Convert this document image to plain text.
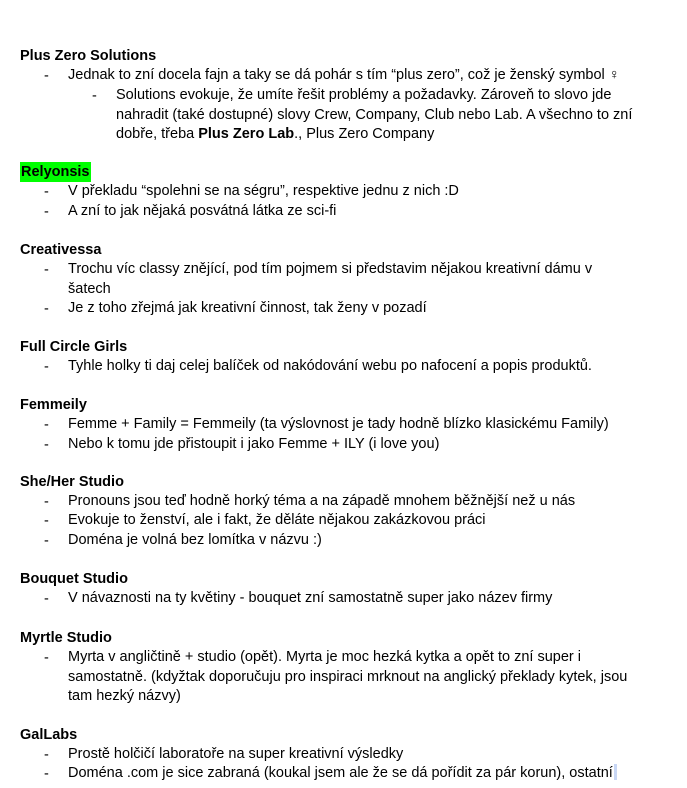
Plus Zero Solutions
- Jednak to zní docela fajn a taky se dá pohár s tím “plus zero”, což je ženský symbol ♀
- Solutions evokuje, že umíte řešit problémy a požadavky. Zároveň to slovo jde nahradit (také dostupné) slovy Crew, Company, Club nebo Lab. A všechno to zní dobře, třeba Plus Zero Lab., Plus Zero Company
Relyonsis
- V překladu “spolehni se na ségru”, respektive jednu z nich :D
- A zní to jak nějaká posvátná látka ze sci-fi
Creativessa
- Trochu víc classy znějící, pod tím pojmem si představim nějakou kreativní dámu v šatech
- Je z toho zřejmá jak kreativní činnost, tak ženy v pozadí
Full Circle Girls
- Tyhle holky ti daj celej balíček od nakódování webu po nafocení a popis produktů.
Femmeily
- Femme + Family = Femmeily (ta výslovnost je tady hodně blízko klasickému Family)
- Nebo k tomu jde přistoupit i jako Femme + ILY (i love you)
She/Her Studio
- Pronouns jsou teď hodně horký téma a na západě mnohem běžnější než u nás
- Evokuje to ženství, ale i fakt, že děláte nějakou zakázkovou práci
- Doména je volná bez lomítka v názvu :)
Bouquet Studio
- V návaznosti na ty květiny - bouquet zní samostatně super jako název firmy
Myrtle Studio
- Myrta v angličtině + studio (opět). Myrta je moc hezká kytka a opět to zní super i samostatně. (kdyžtak doporučuju pro inspiraci mrknout na anglický překlady kytek, jsou tam hezký názvy)
GalLabs
- Prostě holčičí laboratoře na super kreativní výsledky
- Doména .com je sice zabraná (koukal jsem ale že se dá pořídit za pár korun), ostatní
